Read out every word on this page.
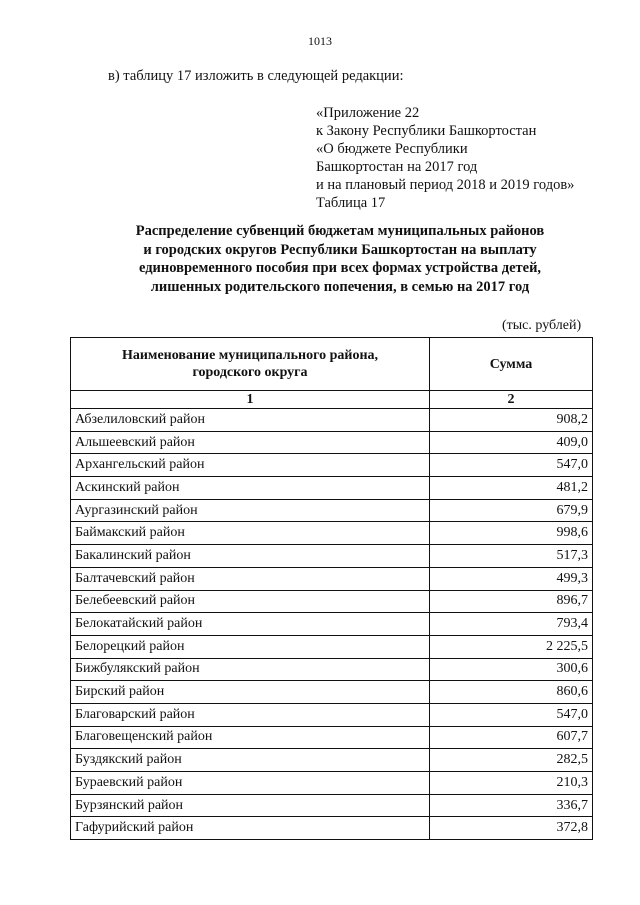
1013
в) таблицу 17 изложить в следующей редакции:
«Приложение 22
к Закону Республики Башкортостан
«О бюджете Республики
Башкортостан на 2017 год
и на плановый период 2018 и 2019 годов»
Таблица 17
Распределение субвенций бюджетам муниципальных районов
и городских округов Республики Башкортостан на выплату
единовременного пособия при всех формах устройства детей,
лишенных родительского попечения, в семью на 2017 год
(тыс. рублей)
Наименование муниципального района,
городского округа	Сумма
1	2
Абзелиловский район	908,2
Альшеевский район	409,0
Архангельский район	547,0
Аскинский район	481,2
Аургазинский район	679,9
Баймакский район	998,6
Бакалинский район	517,3
Балтачевский район	499,3
Белебеевский район	896,7
Белокатайский район	793,4
Белорецкий район	2 225,5
Бижбулякский район	300,6
Бирский район	860,6
Благоварский район	547,0
Благовещенский район	607,7
Буздякский район	282,5
Бураевский район	210,3
Бурзянский район	336,7
Гафурийский район	372,8
